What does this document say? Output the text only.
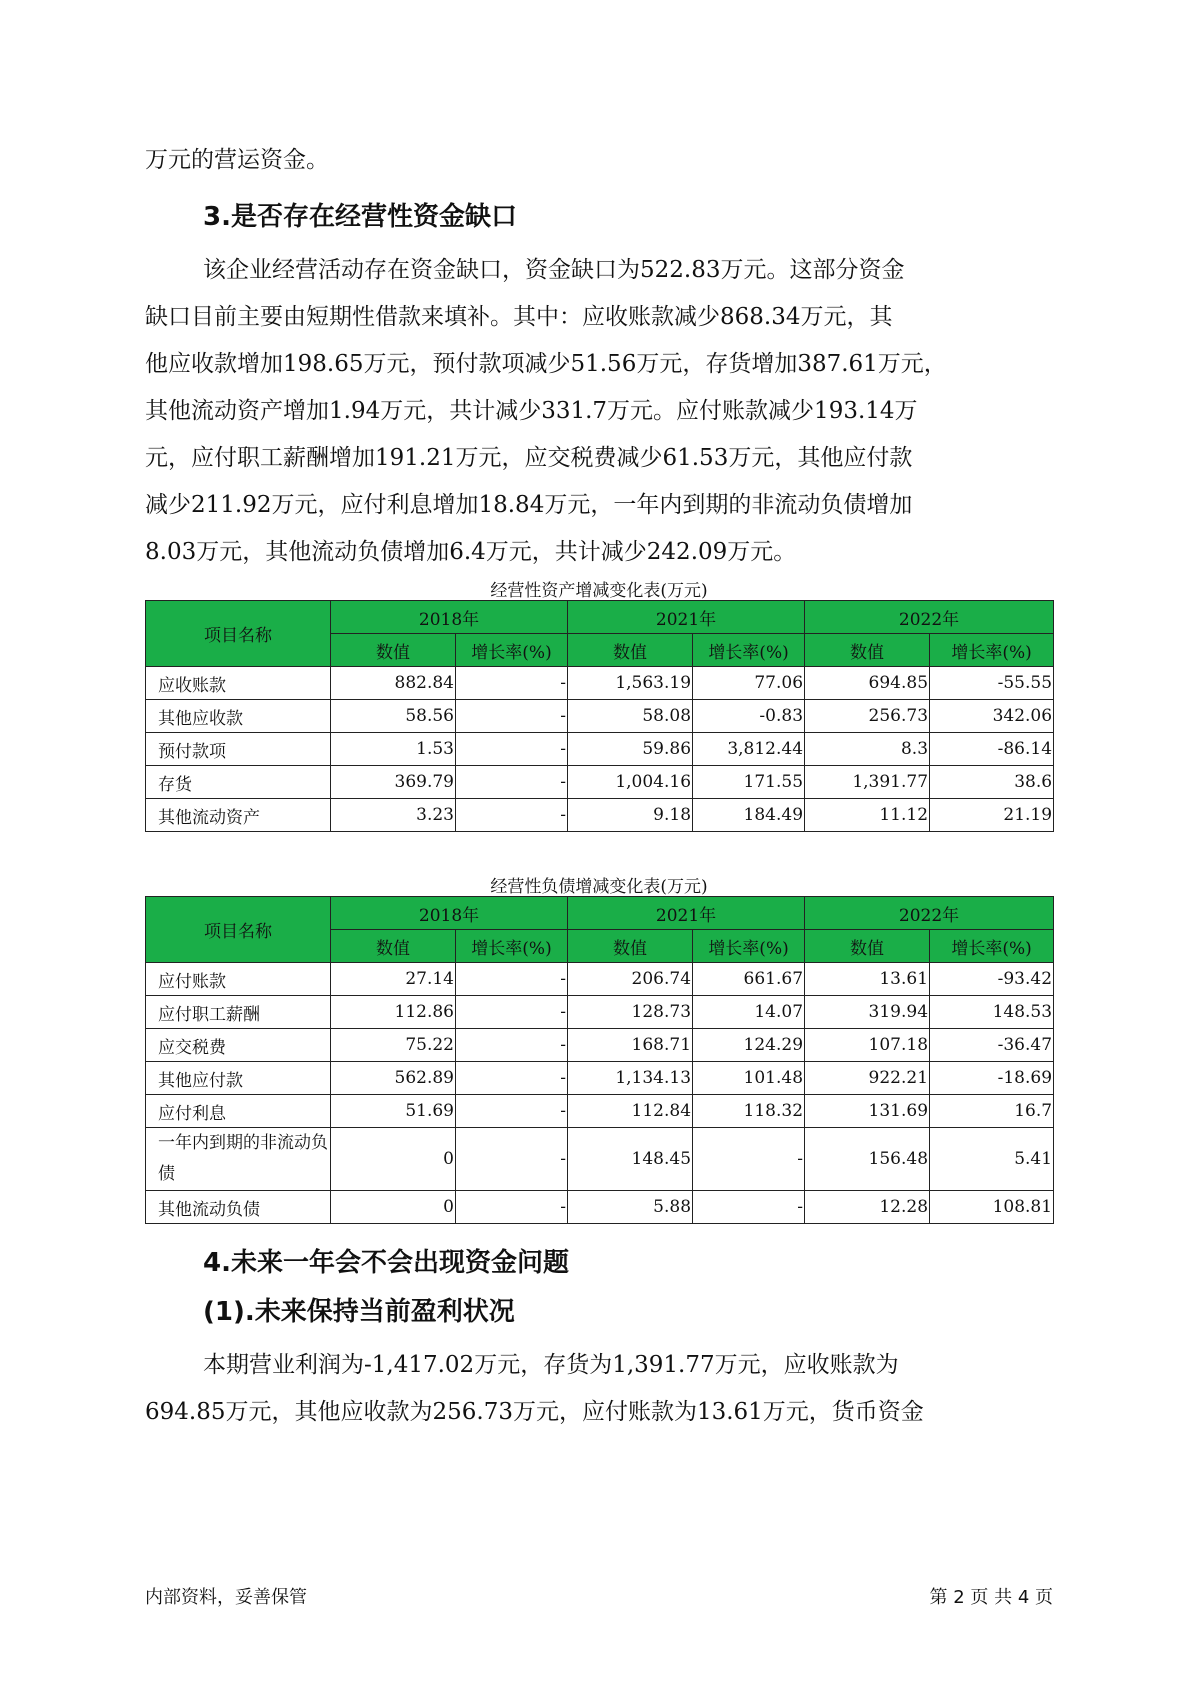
万元的营运资金。

3.是否存在经营性资金缺口

该企业经营活动存在资金缺口，资金缺口为522.83万元。这部分资金
缺口目前主要由短期性借款来填补。其中：应收账款减少868.34万元，其
他应收款增加198.65万元，预付款项减少51.56万元，存货增加387.61万元，
其他流动资产增加1.94万元，共计减少331.7万元。应付账款减少193.14万
元，应付职工薪酬增加191.21万元，应交税费减少61.53万元，其他应付款
减少211.92万元，应付利息增加18.84万元，一年内到期的非流动负债增加
8.03万元，其他流动负债增加6.4万元，共计减少242.09万元。

经营性资产增减变化表(万元)
项目名称	2018年		2021年		2022年	
	数值	增长率(%)	数值	增长率(%)	数值	增长率(%)
应收账款	882.84	-	1,563.19	77.06	694.85	-55.55
其他应收款	58.56	-	58.08	-0.83	256.73	342.06
预付款项	1.53	-	59.86	3,812.44	8.3	-86.14
存货	369.79	-	1,004.16	171.55	1,391.77	38.6
其他流动资产	3.23	-	9.18	184.49	11.12	21.19
经营性负债增减变化表(万元)
项目名称	2018年		2021年		2022年	
	数值	增长率(%)	数值	增长率(%)	数值	增长率(%)
应付账款	27.14	-	206.74	661.67	13.61	-93.42
应付职工薪酬	112.86	-	128.73	14.07	319.94	148.53
应交税费	75.22	-	168.71	124.29	107.18	-36.47
其他应付款	562.89	-	1,134.13	101.48	922.21	-18.69
应付利息	51.69	-	112.84	118.32	131.69	16.7
一年内到期的非流动负债	0	-	148.45	-	156.48	5.41
其他流动负债	0	-	5.88	-	12.28	108.81
4.未来一年会不会出现资金问题
(1).未来保持当前盈利状况

本期营业利润为-1,417.02万元，存货为1,391.77万元，应收账款为
694.85万元，其他应收款为256.73万元，应付账款为13.61万元，货币资金

内部资料，妥善保管	第 2 页 共 4 页
